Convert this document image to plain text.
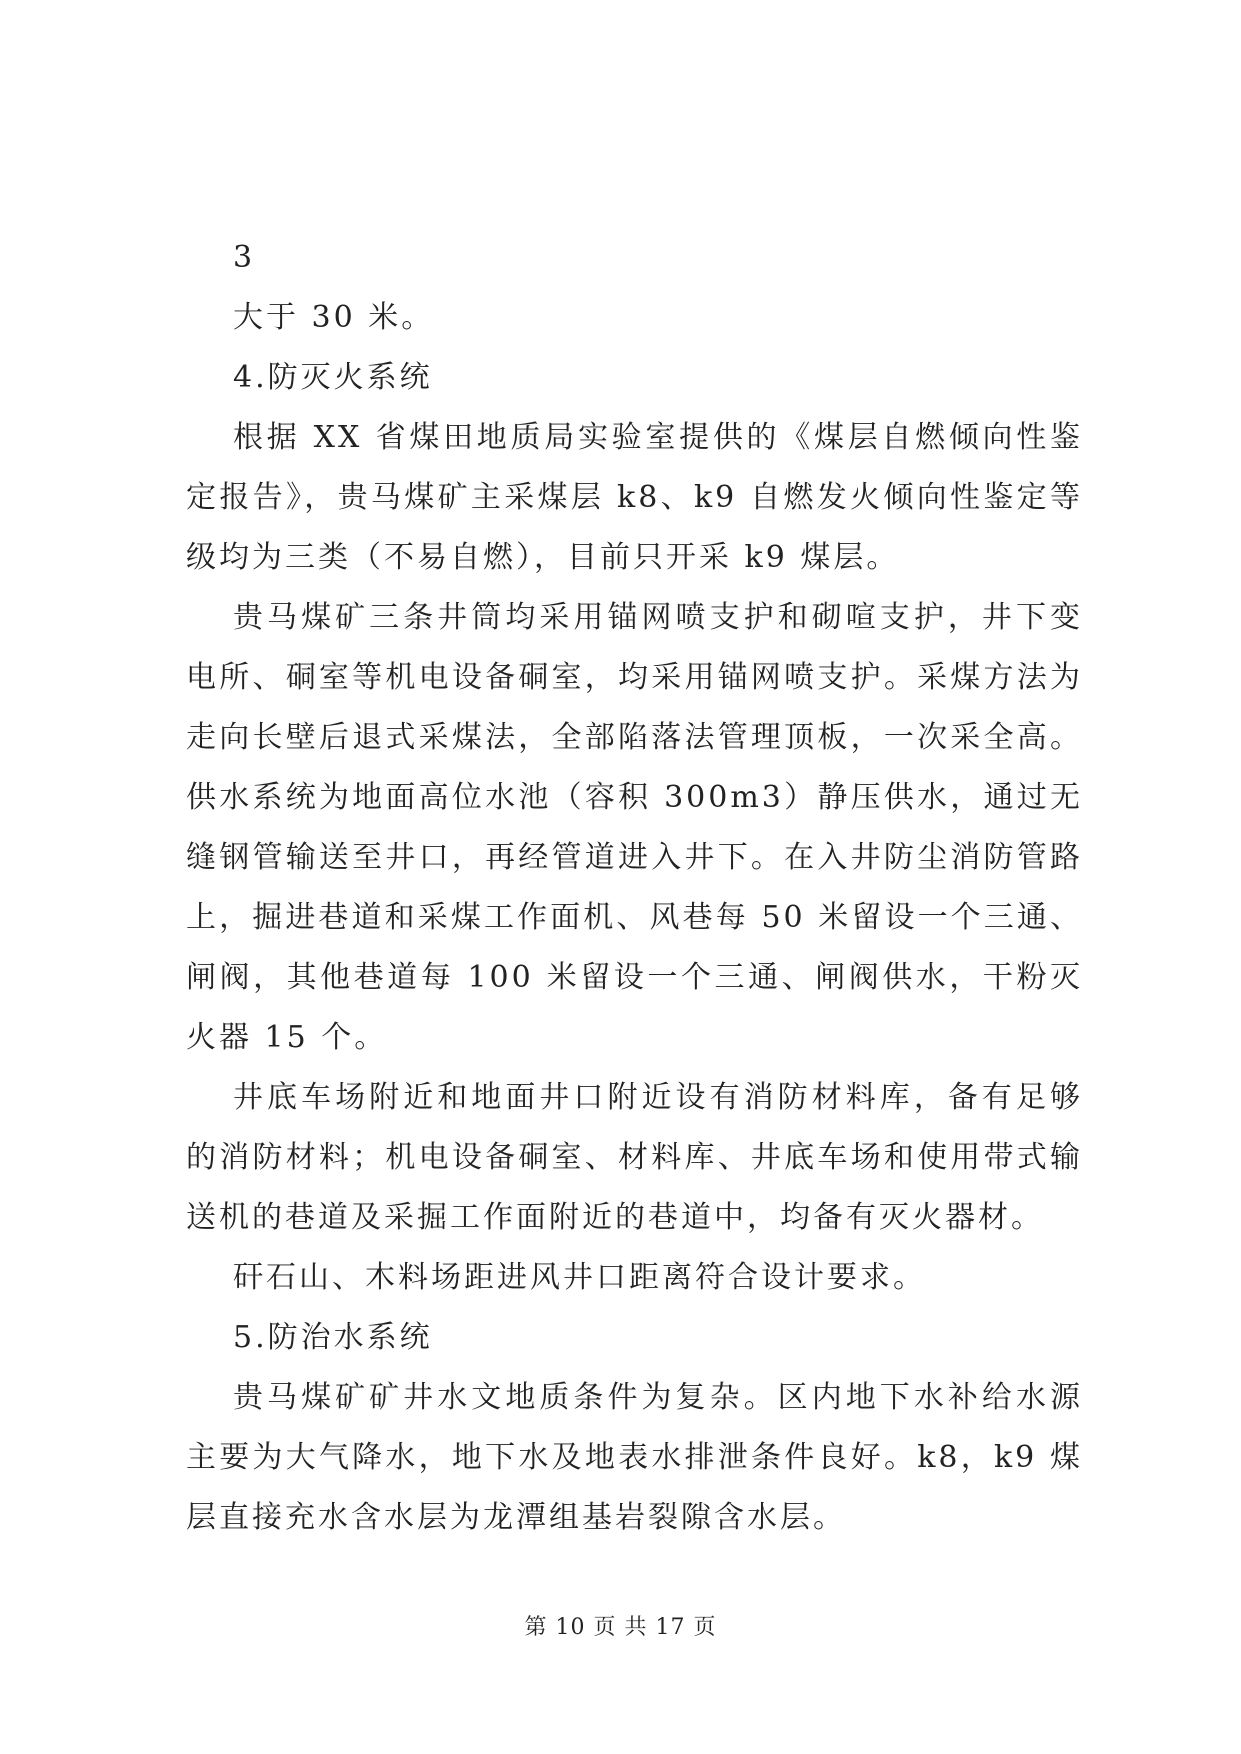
3

大于 30 米。

4.防灭火系统

根据 XX 省煤田地质局实验室提供的《煤层自燃倾向性鉴定报告》，贵马煤矿主采煤层 k8、k9 自燃发火倾向性鉴定等级均为三类（不易自燃），目前只开采 k9 煤层。

贵马煤矿三条井筒均采用锚网喷支护和砌喧支护，井下变电所、硐室等机电设备硐室，均采用锚网喷支护。采煤方法为走向长壁后退式采煤法，全部陷落法管理顶板，一次采全高。供水系统为地面高位水池（容积 300m3）静压供水，通过无缝钢管输送至井口，再经管道进入井下。在入井防尘消防管路上，掘进巷道和采煤工作面机、风巷每 50 米留设一个三通、闸阀，其他巷道每 100 米留设一个三通、闸阀供水，干粉灭火器 15 个。

井底车场附近和地面井口附近设有消防材料库，备有足够的消防材料；机电设备硐室、材料库、井底车场和使用带式输送机的巷道及采掘工作面附近的巷道中，均备有灭火器材。

矸石山、木料场距进风井口距离符合设计要求。

5.防治水系统

贵马煤矿矿井水文地质条件为复杂。区内地下水补给水源主要为大气降水，地下水及地表水排泄条件良好。k8，k9 煤层直接充水含水层为龙潭组基岩裂隙含水层。

第 10 页 共 17 页
